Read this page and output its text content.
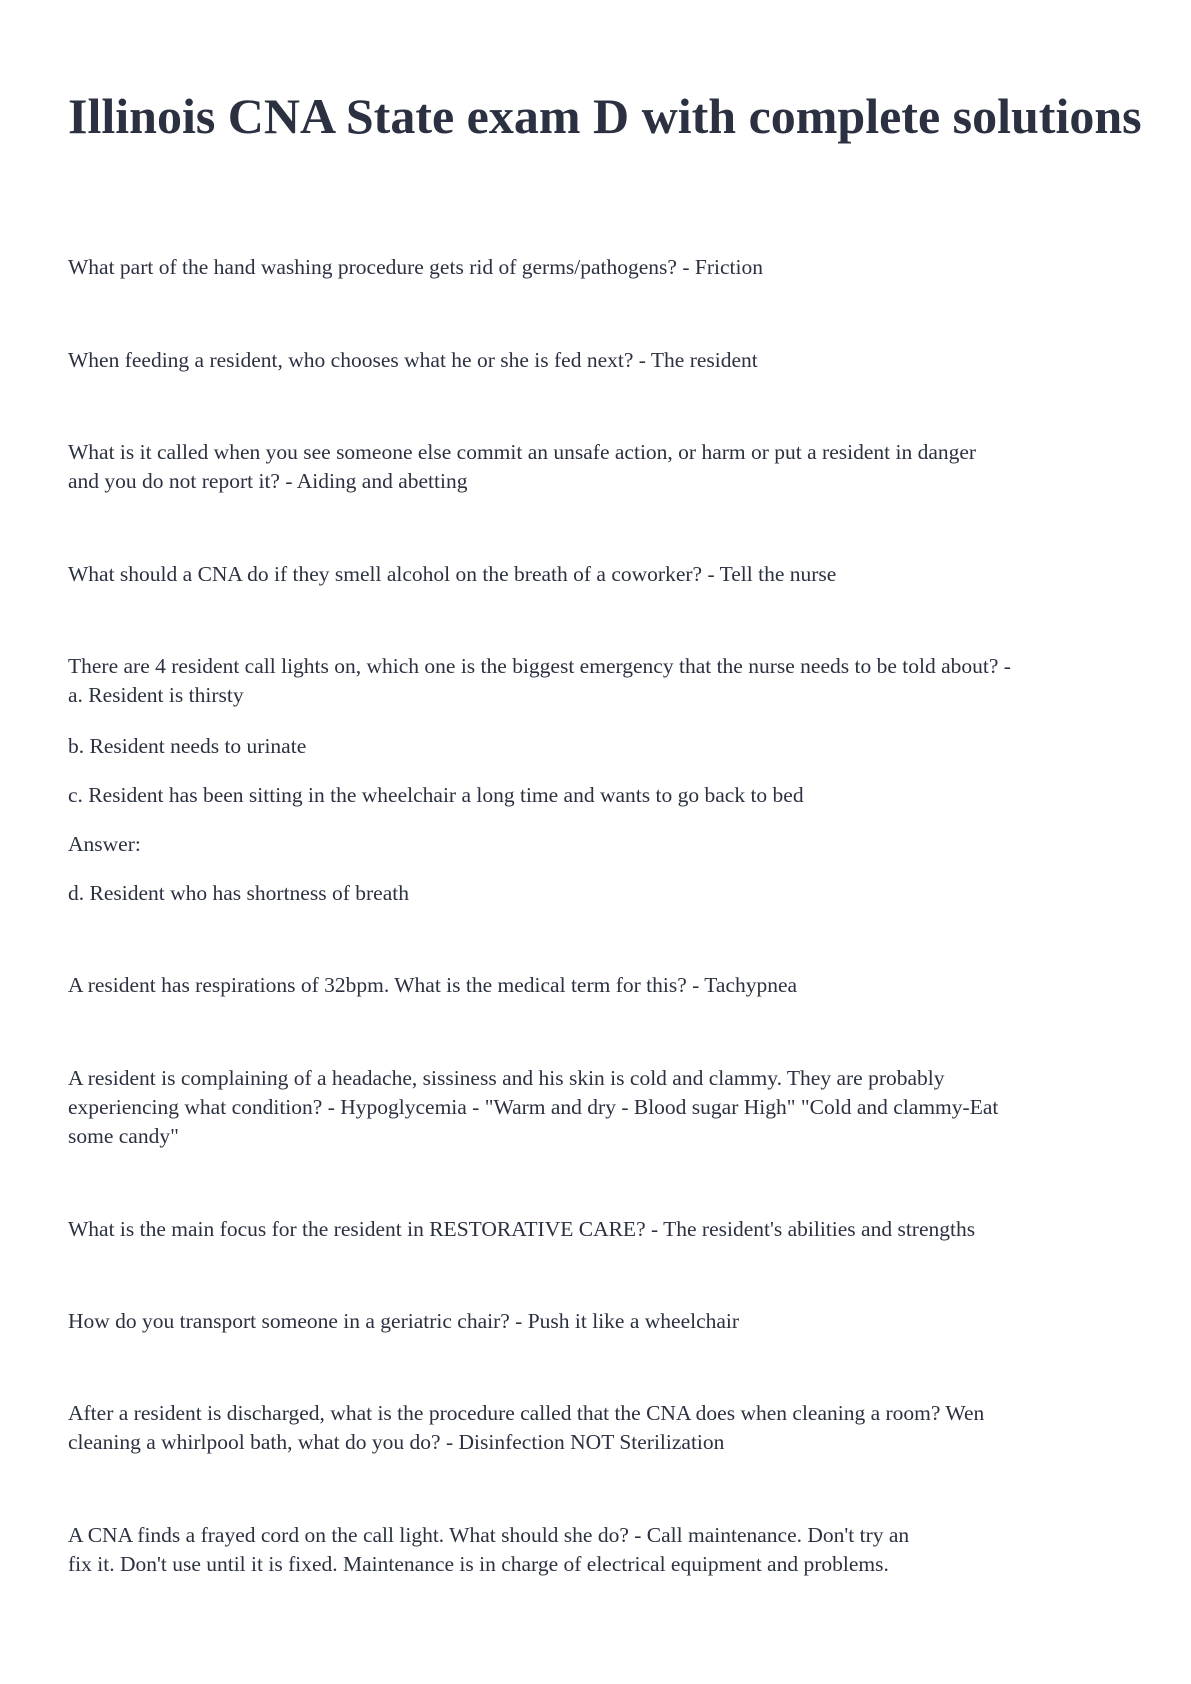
Illinois CNA State exam D with complete solutions

What part of the hand washing procedure gets rid of germs/pathogens? - Friction

When feeding a resident, who chooses what he or she is fed next? - The resident

What is it called when you see someone else commit an unsafe action, or harm or put a resident in danger
and you do not report it? - Aiding and abetting

What should a CNA do if they smell alcohol on the breath of a coworker? - Tell the nurse

There are 4 resident call lights on, which one is the biggest emergency that the nurse needs to be told about? -
a. Resident is thirsty

b. Resident needs to urinate

c. Resident has been sitting in the wheelchair a long time and wants to go back to bed

Answer:

d. Resident who has shortness of breath

A resident has respirations of 32bpm. What is the medical term for this? - Tachypnea

A resident is complaining of a headache, sissiness and his skin is cold and clammy. They are probably
experiencing what condition? - Hypoglycemia - "Warm and dry - Blood sugar High" "Cold and clammy-Eat
some candy"

What is the main focus for the resident in RESTORATIVE CARE? - The resident's abilities and strengths

How do you transport someone in a geriatric chair? - Push it like a wheelchair

After a resident is discharged, what is the procedure called that the CNA does when cleaning a room? Wen
cleaning a whirlpool bath, what do you do? - Disinfection NOT Sterilization

A CNA finds a frayed cord on the call light. What should she do? - Call maintenance. Don't try an
fix it. Don't use until it is fixed. Maintenance is in charge of electrical equipment and problems.
